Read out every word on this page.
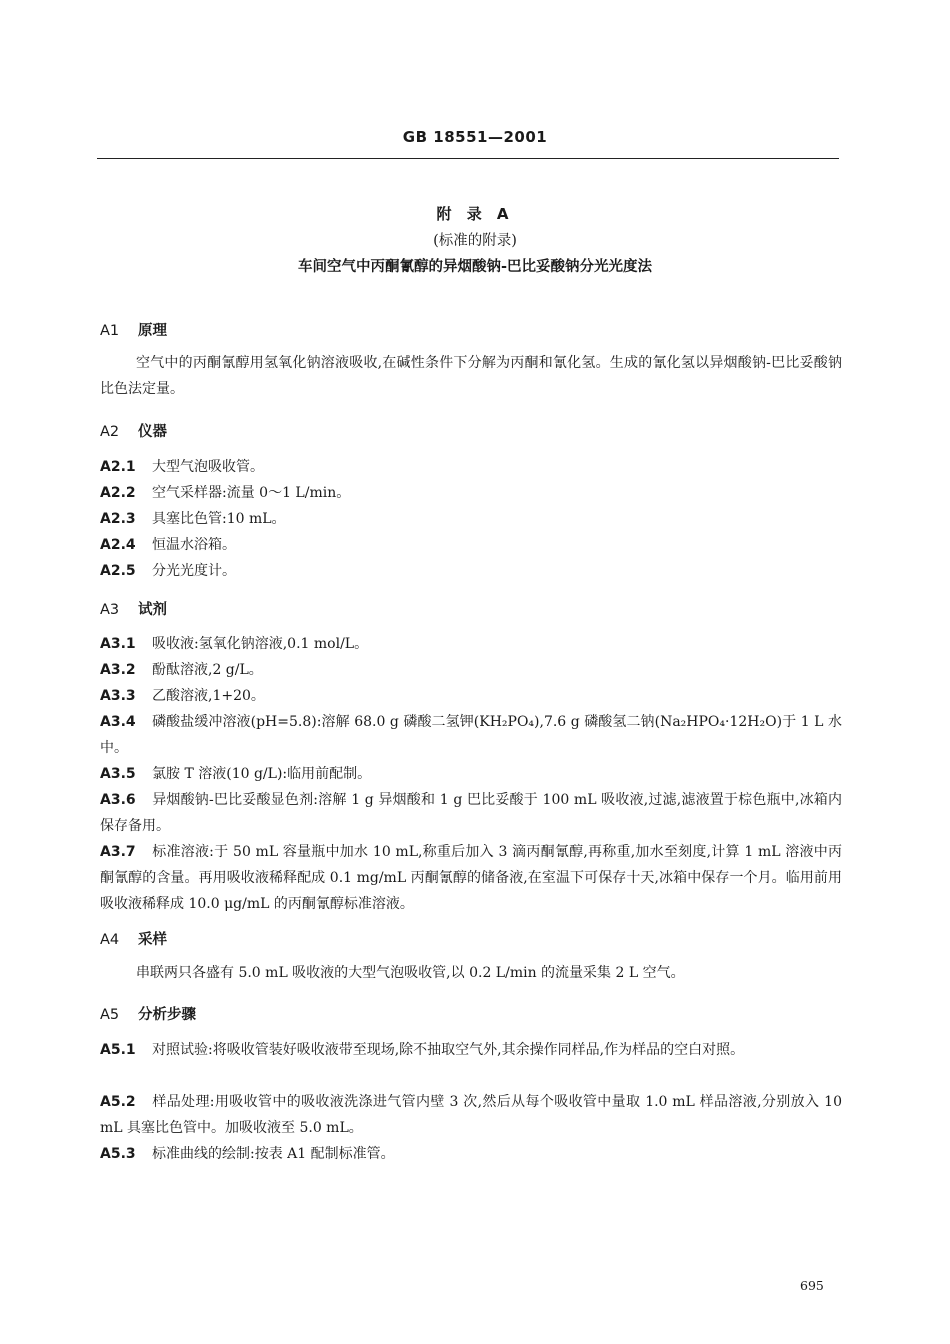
GB 18551—2001
附 录 A
(标准的附录)
车间空气中丙酮氰醇的异烟酸钠-巴比妥酸钠分光光度法
A1 原理
空气中的丙酮氰醇用氢氧化钠溶液吸收,在碱性条件下分解为丙酮和氰化氢。生成的氰化氢以异烟酸钠-巴比妥酸钠比色法定量。
A2 仪器
A2.1 大型气泡吸收管。
A2.2 空气采样器:流量 0～1 L/min。
A2.3 具塞比色管:10 mL。
A2.4 恒温水浴箱。
A2.5 分光光度计。
A3 试剂
A3.1 吸收液:氢氧化钠溶液,0.1 mol/L。
A3.2 酚酞溶液,2 g/L。
A3.3 乙酸溶液,1+20。
A3.4 磷酸盐缓冲溶液(pH=5.8):溶解 68.0 g 磷酸二氢钾(KH₂PO₄),7.6 g 磷酸氢二钠(Na₂HPO₄·12H₂O)于 1 L 水中。
A3.5 氯胺 T 溶液(10 g/L):临用前配制。
A3.6 异烟酸钠-巴比妥酸显色剂:溶解 1 g 异烟酸和 1 g 巴比妥酸于 100 mL 吸收液,过滤,滤液置于棕色瓶中,冰箱内保存备用。
A3.7 标准溶液:于 50 mL 容量瓶中加水 10 mL,称重后加入 3 滴丙酮氰醇,再称重,加水至刻度,计算 1 mL 溶液中丙酮氰醇的含量。再用吸收液稀释配成 0.1 mg/mL 丙酮氰醇的储备液,在室温下可保存十天,冰箱中保存一个月。临用前用吸收液稀释成 10.0 μg/mL 的丙酮氰醇标准溶液。
A4 采样
串联两只各盛有 5.0 mL 吸收液的大型气泡吸收管,以 0.2 L/min 的流量采集 2 L 空气。
A5 分析步骤
A5.1 对照试验:将吸收管装好吸收液带至现场,除不抽取空气外,其余操作同样品,作为样品的空白对照。
A5.2 样品处理:用吸收管中的吸收液洗涤进气管内壁 3 次,然后从每个吸收管中量取 1.0 mL 样品溶液,分别放入 10 mL 具塞比色管中。加吸收液至 5.0 mL。
A5.3 标准曲线的绘制:按表 A1 配制标准管。
695
